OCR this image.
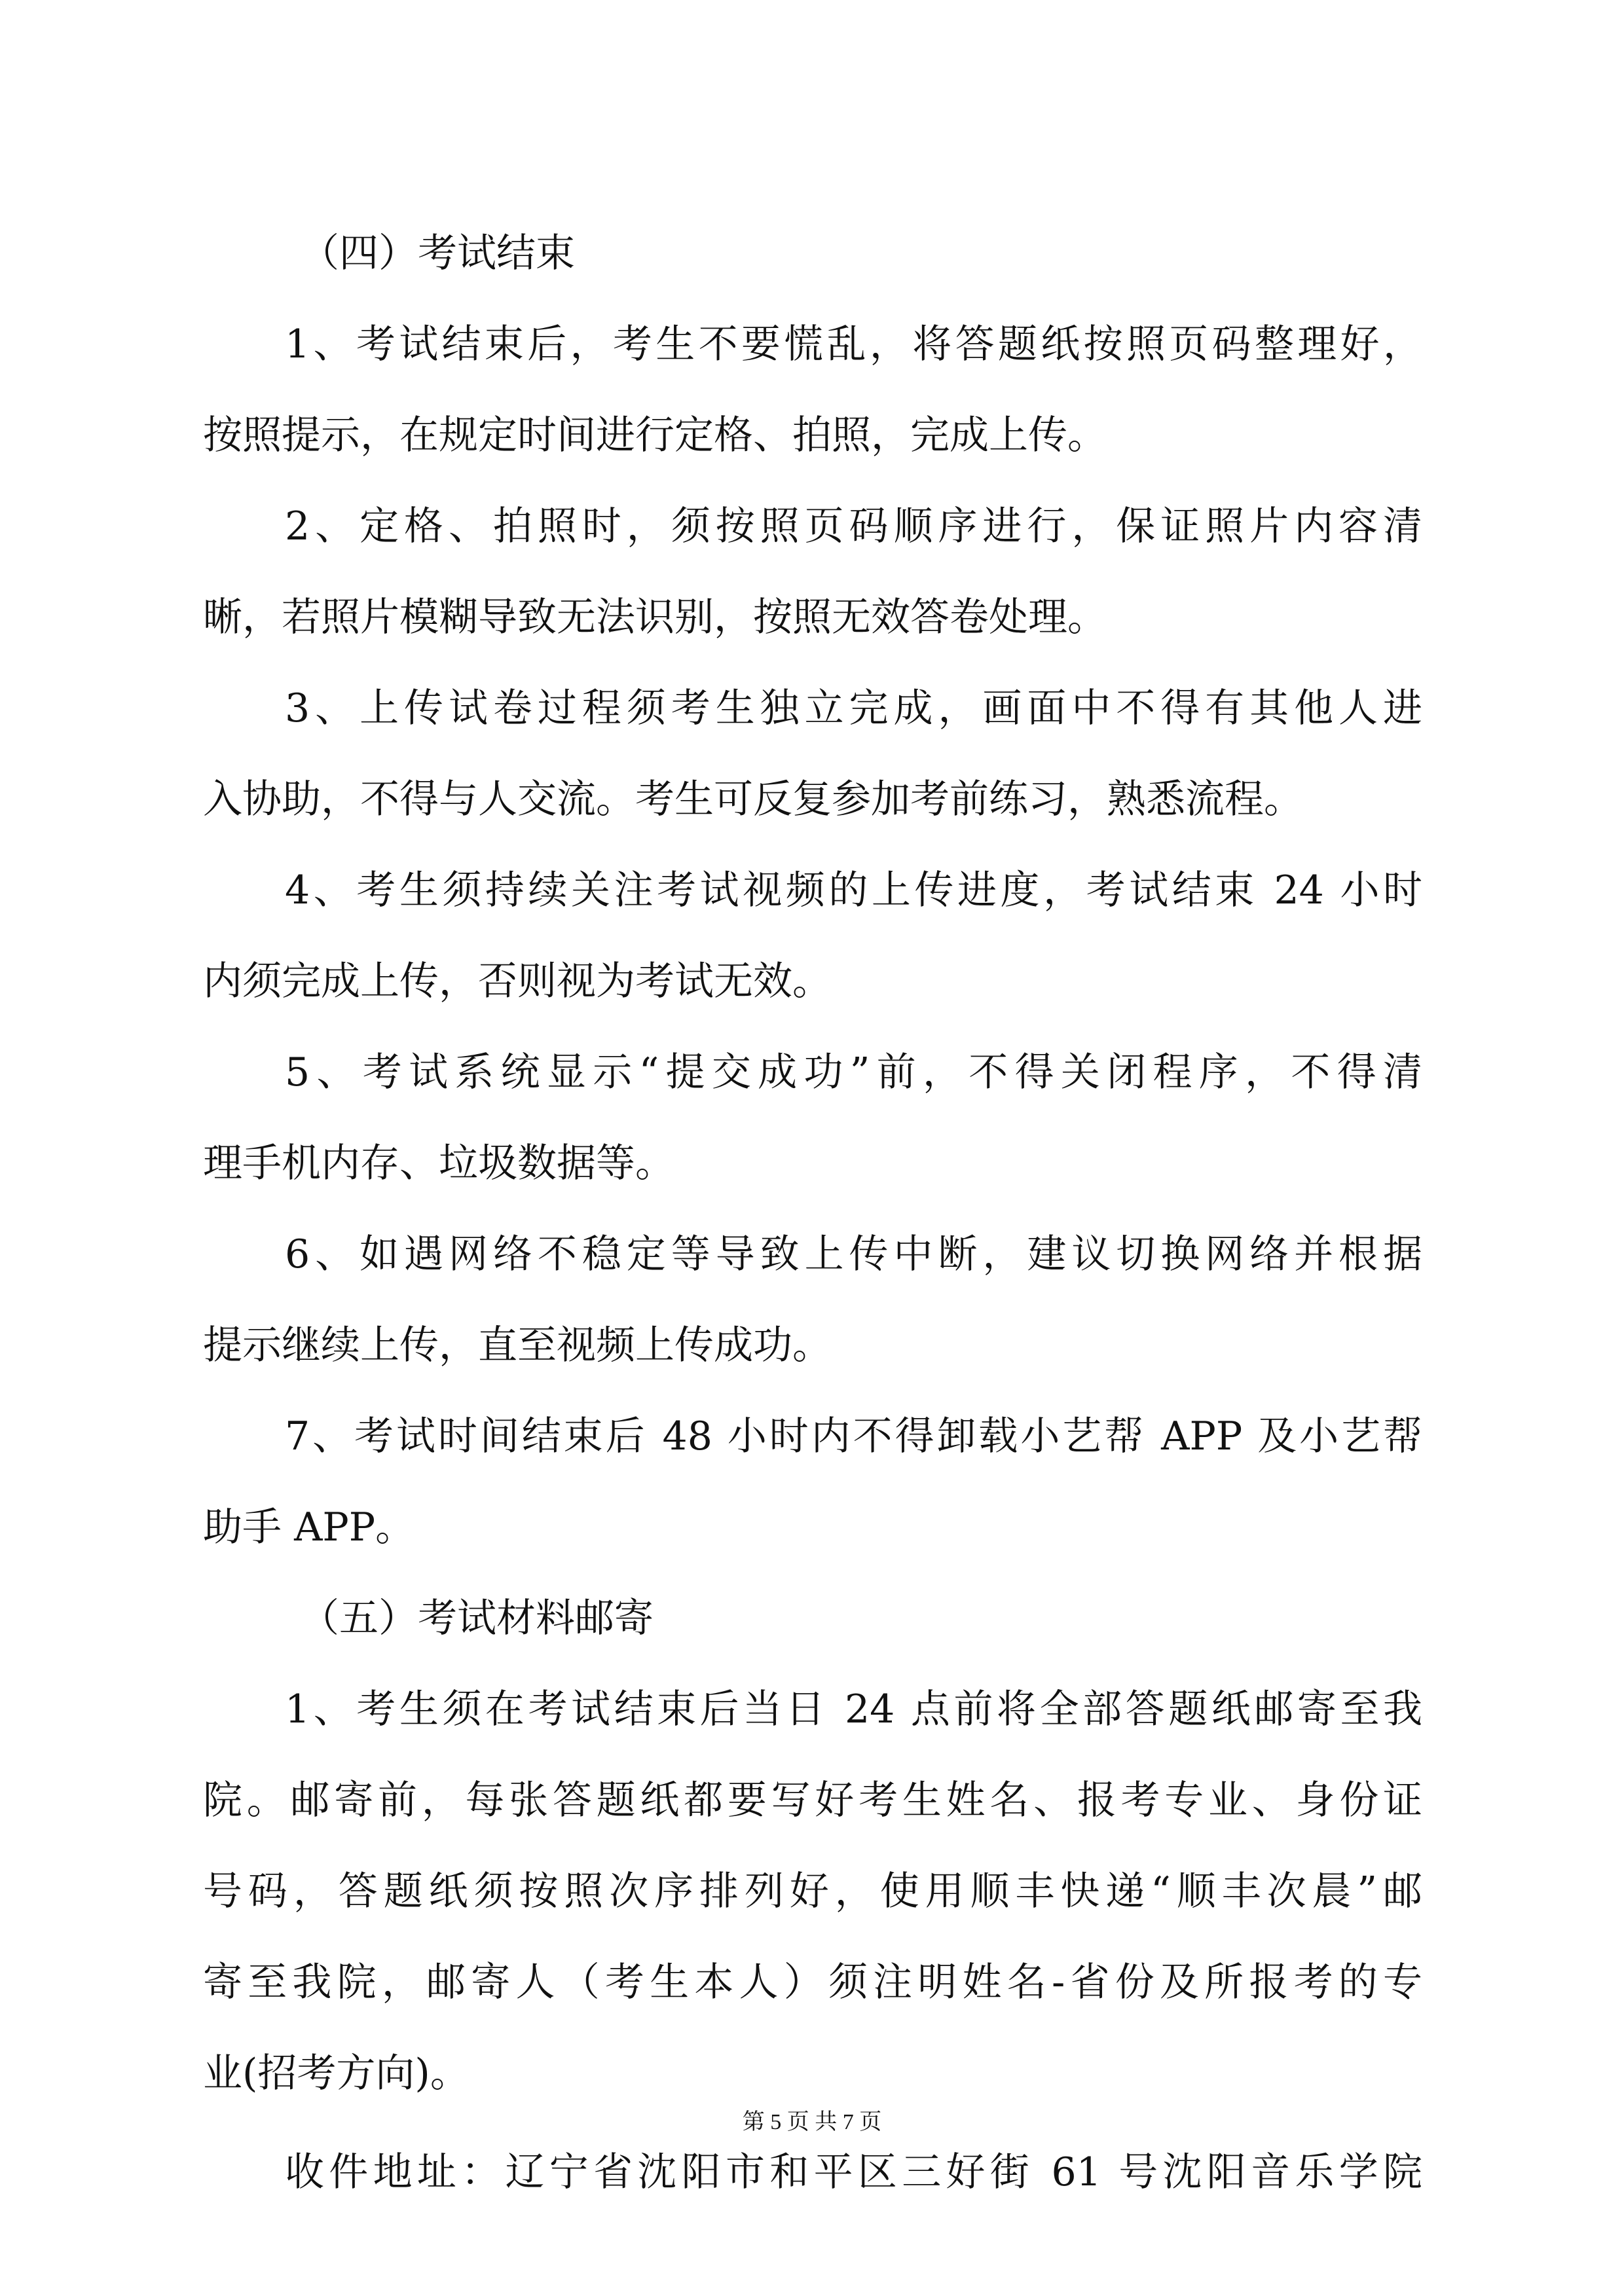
（四）考试结束
1、考试结束后，考生不要慌乱，将答题纸按照页码整理好，
按照提示，在规定时间进行定格、拍照，完成上传。
2、定格、拍照时，须按照页码顺序进行，保证照片内容清
晰，若照片模糊导致无法识别，按照无效答卷处理。
3、上传试卷过程须考生独立完成，画面中不得有其他人进
入协助，不得与人交流。考生可反复参加考前练习，熟悉流程。
4、考生须持续关注考试视频的上传进度，考试结束 24 小时
内须完成上传，否则视为考试无效。
5、考试系统显示“提交成功”前，不得关闭程序，不得清
理手机内存、垃圾数据等。
6、如遇网络不稳定等导致上传中断，建议切换网络并根据
提示继续上传，直至视频上传成功。
7、考试时间结束后 48 小时内不得卸载小艺帮 APP 及小艺帮
助手 APP。
（五）考试材料邮寄
1、考生须在考试结束后当日 24 点前将全部答题纸邮寄至我
院。邮寄前，每张答题纸都要写好考生姓名、报考专业、身份证
号码，答题纸须按照次序排列好，使用顺丰快递“顺丰次晨”邮
寄至我院，邮寄人（考生本人）须注明姓名-省份及所报考的专
业(招考方向)。
收件地址：辽宁省沈阳市和平区三好街 61 号沈阳音乐学院
第 5 页 共 7 页
